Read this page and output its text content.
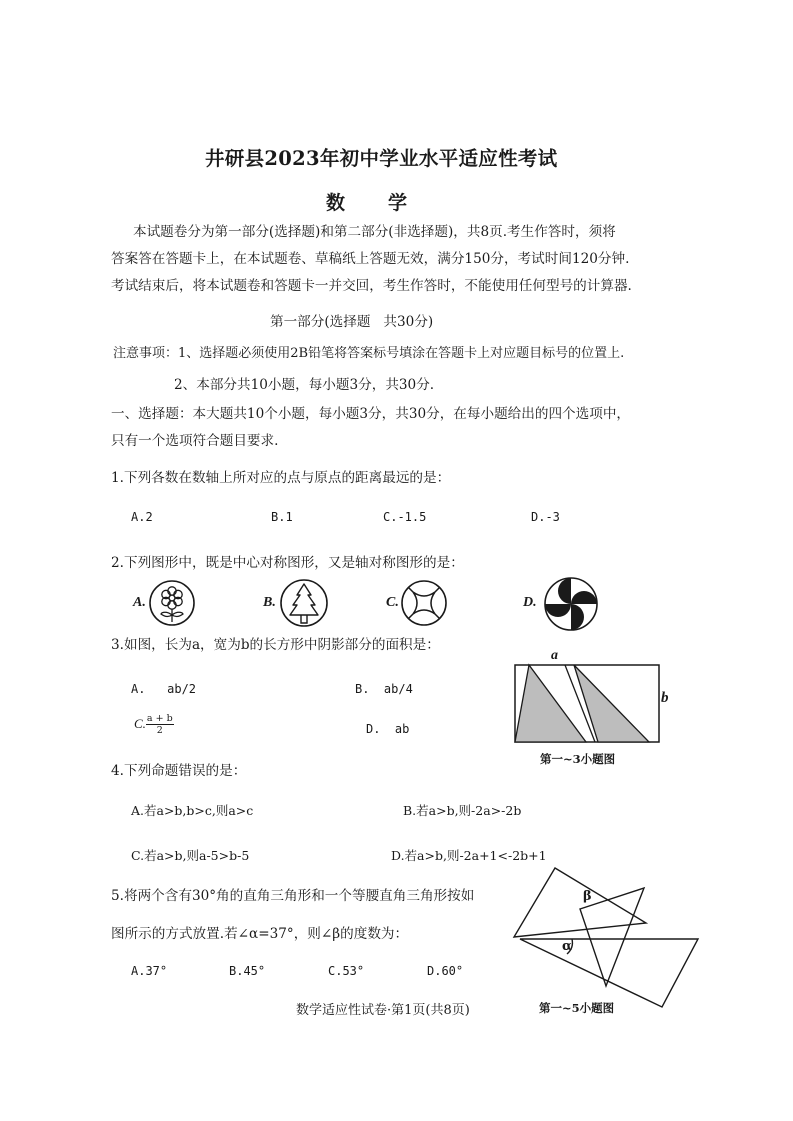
井研县2023年初中学业水平适应性考试
数学
本试题卷分为第一部分(选择题)和第二部分(非选择题)，共8页.考生作答时，须将
答案答在答题卡上，在本试题卷、草稿纸上答题无效，满分150分，考试时间120分钟.
考试结束后，将本试题卷和答题卡一并交回，考生作答时，不能使用任何型号的计算器.
第一部分(选择题   共30分)
注意事项：1、选择题必须使用2B铅笔将答案标号填涂在答题卡上对应题目标号的位置上.
2、本部分共10小题，每小题3分，共30分.
一、选择题：本大题共10个小题，每小题3分，共30分，在每小题给出的四个选项中，
只有一个选项符合题目要求.
1.下列各数在数轴上所对应的点与原点的距离最远的是：
A.2	B.1	C.-1.5	D.-3
2.下列图形中，既是中心对称图形，又是轴对称图形的是：
A.	B.	C.	D.
3.如图，长为a，宽为b的长方形中阴影部分的面积是：
A.   ab/2	B.  ab/4
C. $\frac{a + b}{2}$	D.  ab
a
b
第一~3小题图
4.下列命题错误的是：
A.若a>b,b>c,则a>c	B.若a>b,则-2a>-2b
C.若a>b,则a-5>b-5	D.若a>b,则-2a+1<-2b+1
5.将两个含有30°角的直角三角形和一个等腰直角三角形按如
图所示的方式放置.若∠α=37°，则∠β的度数为：
A.37°	B.45°	C.53°	D.60°
β
α
第一~5小题图
数学适应性试卷·第1页(共8页)
